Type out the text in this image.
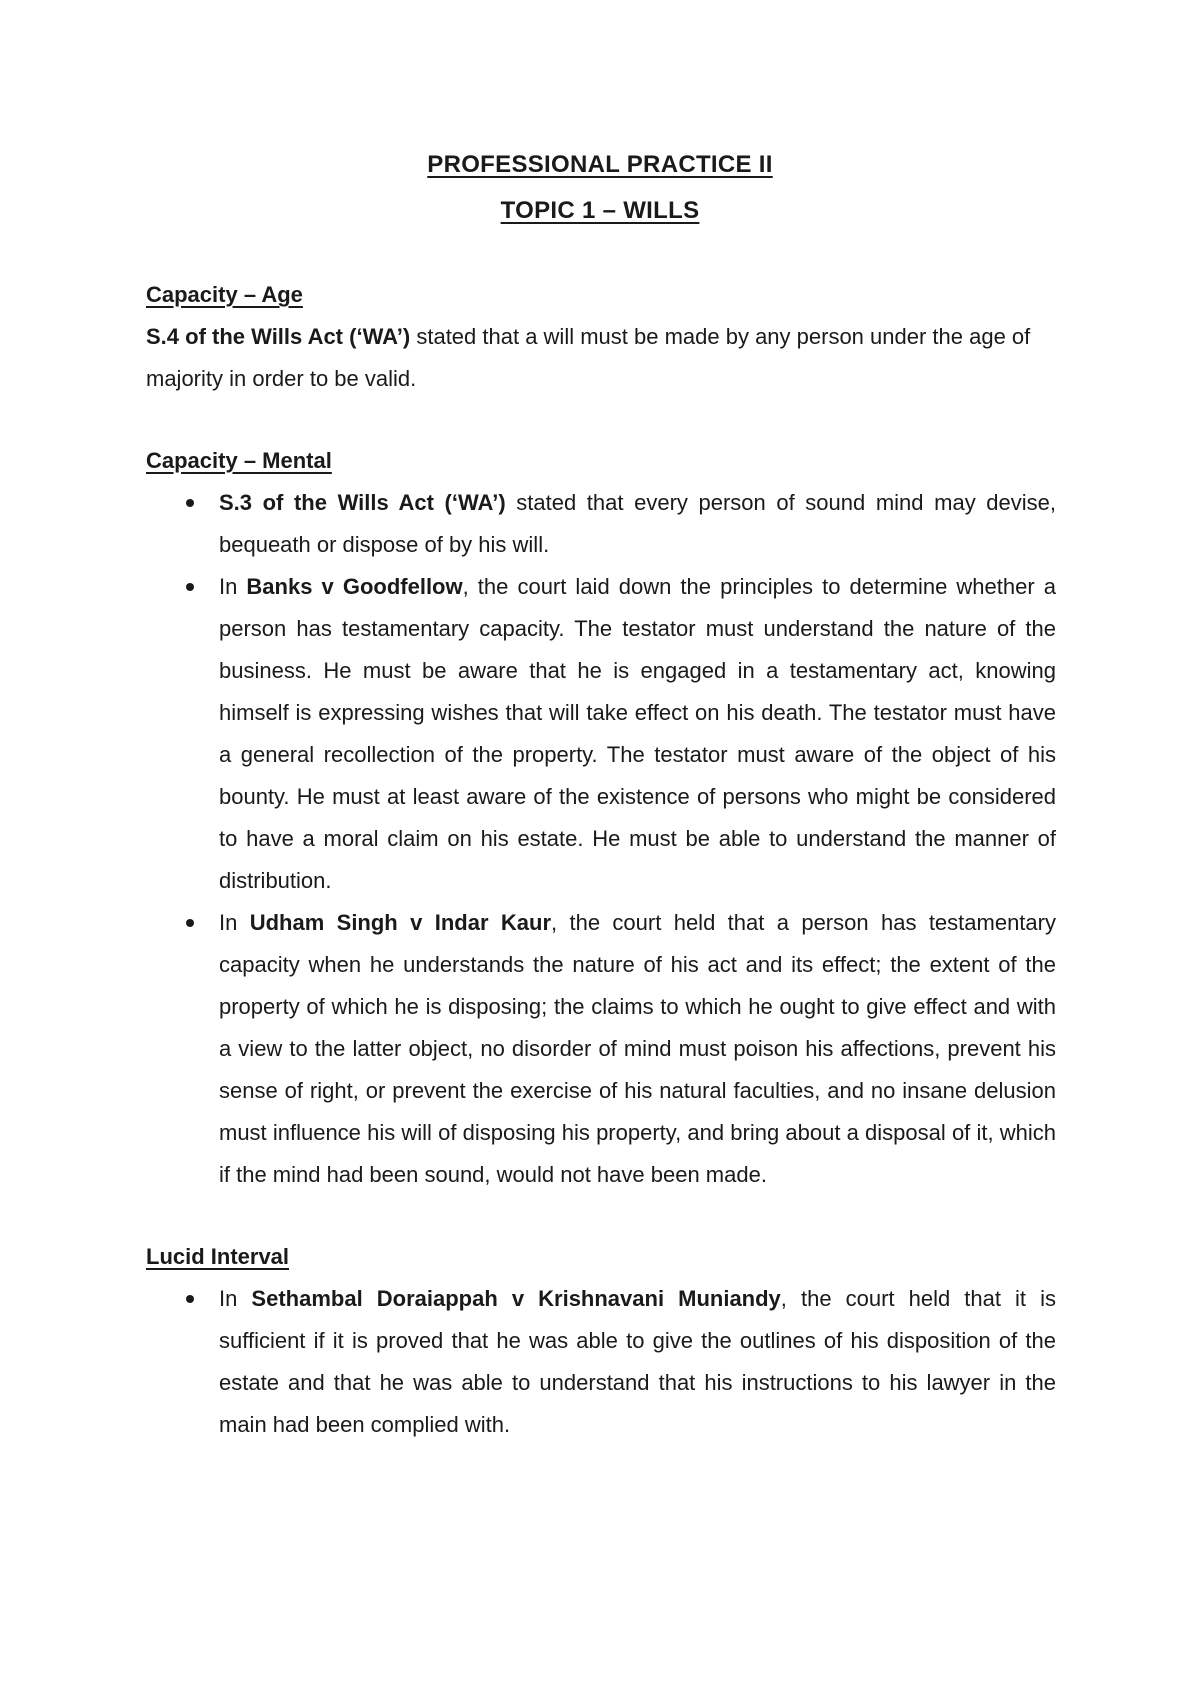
PROFESSIONAL PRACTICE II
TOPIC 1 – WILLS

Capacity – Age

S.4 of the Wills Act (‘WA’) stated that a will must be made by any person under the age of majority in order to be valid.

Capacity – Mental

S.3 of the Wills Act (‘WA’) stated that every person of sound mind may devise, bequeath or dispose of by his will.
In Banks v Goodfellow, the court laid down the principles to determine whether a person has testamentary capacity. The testator must understand the nature of the business. He must be aware that he is engaged in a testamentary act, knowing himself is expressing wishes that will take effect on his death. The testator must have a general recollection of the property. The testator must aware of the object of his bounty. He must at least aware of the existence of persons who might be considered to have a moral claim on his estate. He must be able to understand the manner of distribution.
In Udham Singh v Indar Kaur, the court held that a person has testamentary capacity when he understands the nature of his act and its effect; the extent of the property of which he is disposing; the claims to which he ought to give effect and with a view to the latter object, no disorder of mind must poison his affections, prevent his sense of right, or prevent the exercise of his natural faculties, and no insane delusion must influence his will of disposing his property, and bring about a disposal of it, which if the mind had been sound, would not have been made.

Lucid Interval

In Sethambal Doraiappah v Krishnavani Muniandy, the court held that it is sufficient if it is proved that he was able to give the outlines of his disposition of the estate and that he was able to understand that his instructions to his lawyer in the main had been complied with.
